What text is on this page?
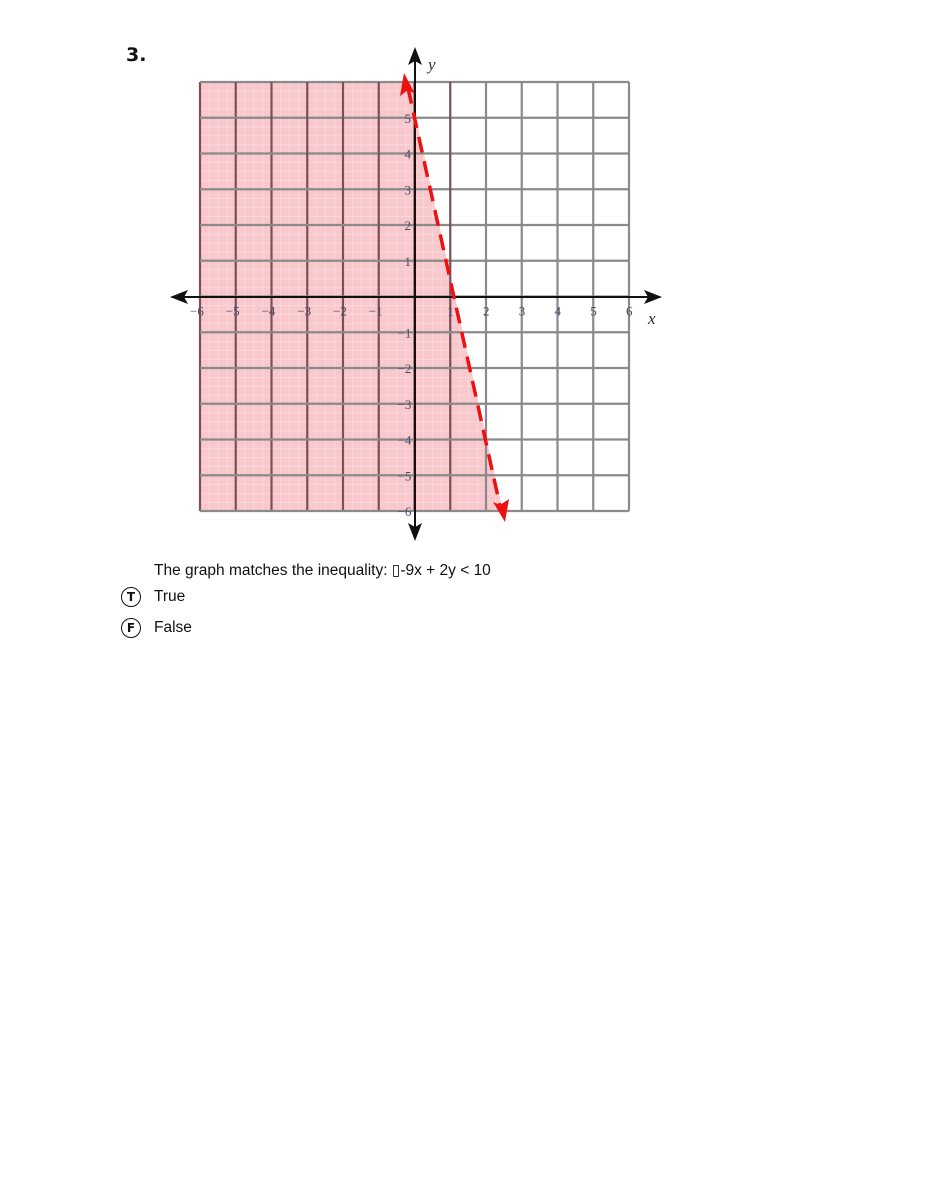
3.	y
x
−6 −5 −4 −3 −2 −1	1 2 3 4 5 6
5
4
3
2
1
−1
−2
−3
−4
−5
−6
The graph matches the inequality: ▯-9x + 2y < 10
T	True
F	False
